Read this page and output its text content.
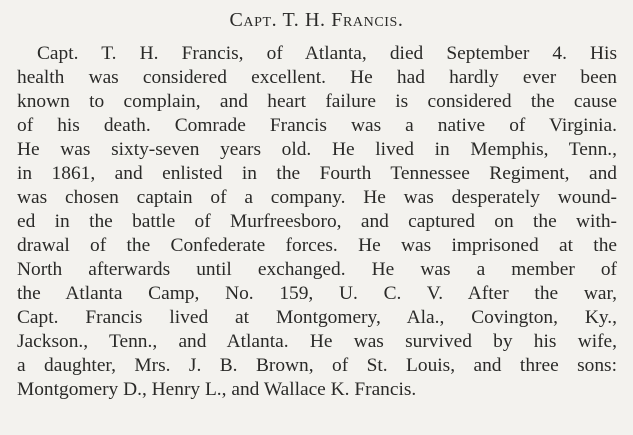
Capt. T. H. Francis.
Capt. T. H. Francis, of Atlanta, died September 4. His
health was considered excellent. He had hardly ever been
known to complain, and heart failure is considered the cause
of his death. Comrade Francis was a native of Virginia.
He was sixty-seven years old. He lived in Memphis, Tenn.,
in 1861, and enlisted in the Fourth Tennessee Regiment, and
was chosen captain of a company. He was desperately wound-
ed in the battle of Murfreesboro, and captured on the with-
drawal of the Confederate forces. He was imprisoned at the
North afterwards until exchanged. He was a member of
the Atlanta Camp, No. 159, U. C. V. After the war,
Capt. Francis lived at Montgomery, Ala., Covington, Ky.,
Jackson., Tenn., and Atlanta. He was survived by his wife,
a daughter, Mrs. J. B. Brown, of St. Louis, and three sons:
Montgomery D., Henry L., and Wallace K. Francis.
